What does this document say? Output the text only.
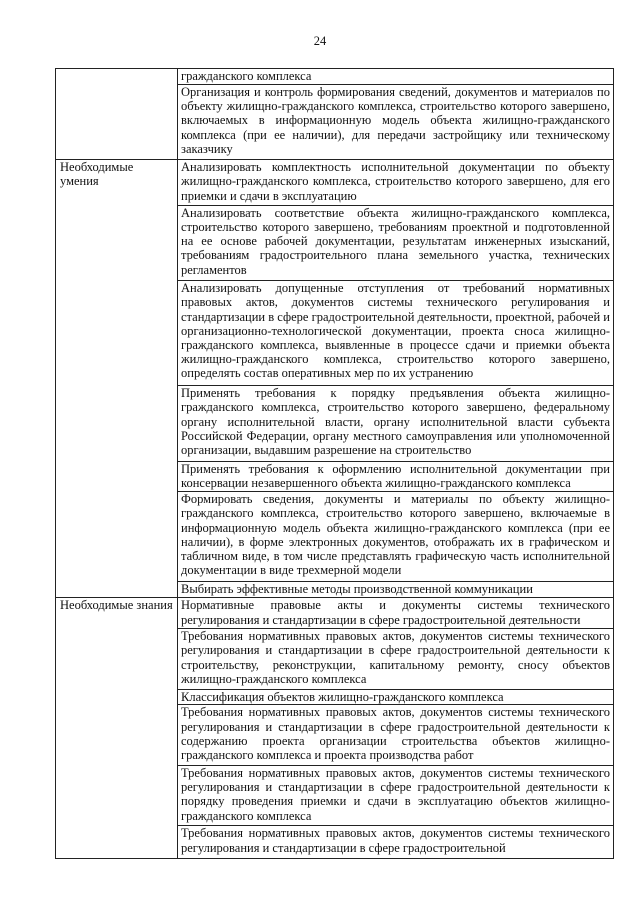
24
	гражданского комплекса
	Организация и контроль формирования сведений, документов и материалов по объекту жилищно-гражданского комплекса, строительство которого завершено, включаемых в информационную модель объекта жилищно-гражданского комплекса (при ее наличии), для передачи застройщику или техническому заказчику
Необходимые умения	Анализировать комплектность исполнительной документации по объекту жилищно-гражданского комплекса, строительство которого завершено, для его приемки и сдачи в эксплуатацию
	Анализировать соответствие объекта жилищно-гражданского комплекса, строительство которого завершено, требованиям проектной и подготовленной на ее основе рабочей документации, результатам инженерных изысканий, требованиям градостроительного плана земельного участка, технических регламентов
	Анализировать допущенные отступления от требований нормативных правовых актов, документов системы технического регулирования и стандартизации в сфере градостроительной деятельности, проектной, рабочей и организационно-технологической документации, проекта сноса жилищно-гражданского комплекса, выявленные в процессе сдачи и приемки объекта жилищно-гражданского комплекса, строительство которого завершено, определять состав оперативных мер по их устранению
	Применять требования к порядку предъявления объекта жилищно-гражданского комплекса, строительство которого завершено, федеральному органу исполнительной власти, органу исполнительной власти субъекта Российской Федерации, органу местного самоуправления или уполномоченной организации, выдавшим разрешение на строительство
	Применять требования к оформлению исполнительной документации при консервации незавершенного объекта жилищно-гражданского комплекса
	Формировать сведения, документы и материалы по объекту жилищно-гражданского комплекса, строительство которого завершено, включаемые в информационную модель объекта жилищно-гражданского комплекса (при ее наличии), в форме электронных документов, отображать их в графическом и табличном виде, в том числе представлять графическую часть исполнительной документации в виде трехмерной модели
	Выбирать эффективные методы производственной коммуникации
Необходимые знания	Нормативные правовые акты и документы системы технического регулирования и стандартизации в сфере градостроительной деятельности
	Требования нормативных правовых актов, документов системы технического регулирования и стандартизации в сфере градостроительной деятельности к строительству, реконструкции, капитальному ремонту, сносу объектов жилищно-гражданского комплекса
	Классификация объектов жилищно-гражданского комплекса
	Требования нормативных правовых актов, документов системы технического регулирования и стандартизации в сфере градостроительной деятельности к содержанию проекта организации строительства объектов жилищно-гражданского комплекса и проекта производства работ
	Требования нормативных правовых актов, документов системы технического регулирования и стандартизации в сфере градостроительной деятельности к порядку проведения приемки и сдачи в эксплуатацию объектов жилищно-гражданского комплекса

	Требования нормативных правовых актов, документов системы технического регулирования и стандартизации в сфере градостроительной
